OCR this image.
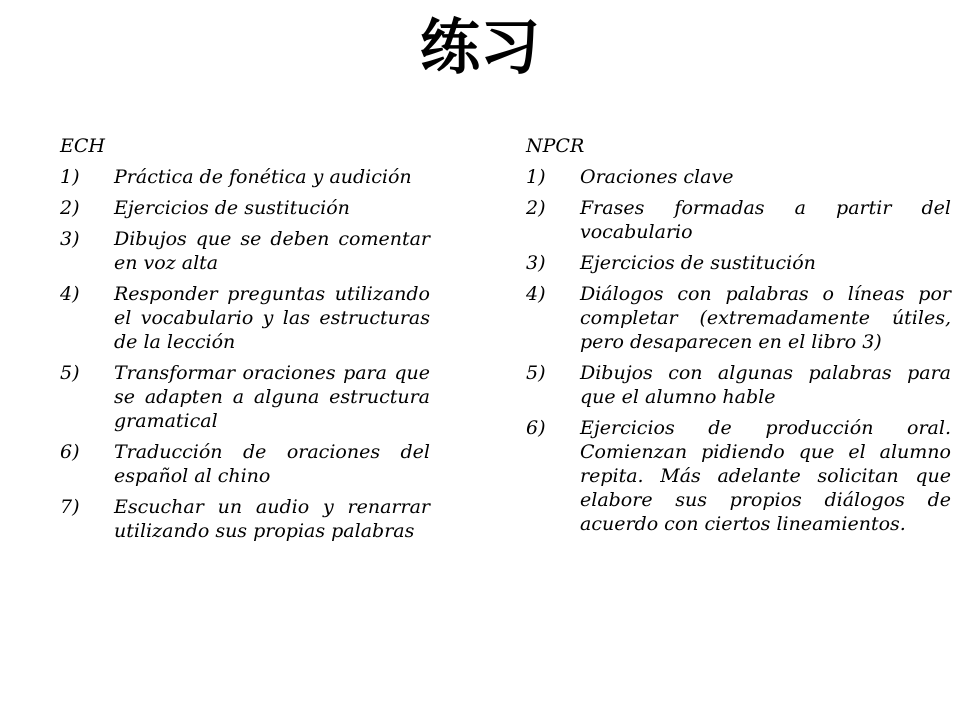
练习
ECH
1)	Práctica de fonética y audición
2)	Ejercicios de sustitución
3)	Dibujos que se deben comentar en voz alta
4)	Responder preguntas utilizando el vocabulario y las estructuras de la lección
5)	Transformar oraciones para que se adapten a alguna estructura gramatical
6)	Traducción de oraciones del español al chino
7)	Escuchar un audio y renarrar utilizando sus propias palabras
NPCR
1)	Oraciones clave
2)	Frases formadas a partir del vocabulario
3)	Ejercicios de sustitución
4)	Diálogos con palabras o líneas por completar (extremadamente útiles, pero desaparecen en el libro 3)
5)	Dibujos con algunas palabras para que el alumno hable
6)	Ejercicios de producción oral. Comienzan pidiendo que el alumno repita. Más adelante solicitan que elabore sus propios diálogos de acuerdo con ciertos lineamientos.
